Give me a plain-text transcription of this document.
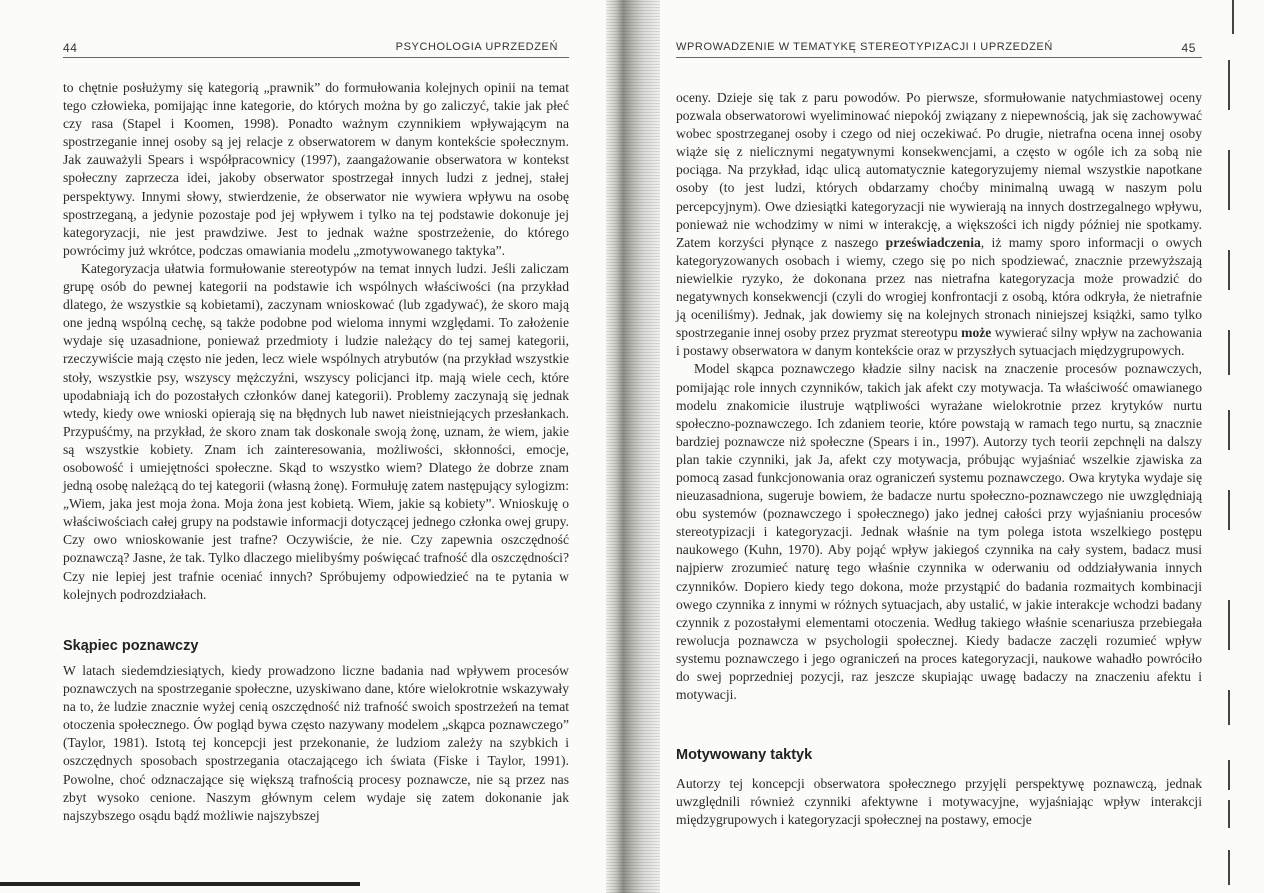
44	PSYCHOLOGIA UPRZEDZEŃ

to chętnie posłużymy się kategorią „prawnik” do formułowania kolejnych opinii na temat tego człowieka, pomijając inne kategorie, do których można by go zaliczyć, takie jak płeć czy rasa (Stapel i Koomen, 1998). Ponadto ważnym czynnikiem wpływającym na spostrzeganie innej osoby są jej relacje z obserwatorem w danym kontekście społecznym. Jak zauważyli Spears i współpracownicy (1997), zaangażowanie obserwatora w kontekst społeczny zaprzecza idei, jakoby obserwator spostrzegał innych ludzi z jednej, stałej perspektywy. Innymi słowy, stwierdzenie, że obserwator nie wywiera wpływu na osobę spostrzeganą, a jedynie pozostaje pod jej wpływem i tylko na tej podstawie dokonuje jej kategoryzacji, nie jest prawdziwe. Jest to jednak ważne spostrzeżenie, do którego powrócimy już wkrótce, podczas omawiania modelu „zmotywowanego taktyka”.

Kategoryzacja ułatwia formułowanie stereotypów na temat innych ludzi. Jeśli zaliczam grupę osób do pewnej kategorii na podstawie ich wspólnych właściwości (na przykład dlatego, że wszystkie są kobietami), zaczynam wnioskować (lub zgadywać), że skoro mają one jedną wspólną cechę, są także podobne pod wieloma innymi względami. To założenie wydaje się uzasadnione, ponieważ przedmioty i ludzie należący do tej samej kategorii, rzeczywiście mają często nie jeden, lecz wiele wspólnych atrybutów (na przykład wszystkie stoły, wszystkie psy, wszyscy mężczyźni, wszyscy policjanci itp. mają wiele cech, które upodabniają ich do pozostałych członków danej kategorii). Problemy zaczynają się jednak wtedy, kiedy owe wnioski opierają się na błędnych lub nawet nieistniejących przesłankach. Przypuśćmy, na przykład, że skoro znam tak doskonale swoją żonę, uznam, że wiem, jakie są wszystkie kobiety. Znam ich zainteresowania, możliwości, skłonności, emocje, osobowość i umiejętności społeczne. Skąd to wszystko wiem? Dlatego że dobrze znam jedną osobę należącą do tej kategorii (własną żonę). Formułuję zatem następujący sylogizm: „Wiem, jaka jest moja żona. Moja żona jest kobietą. Wiem, jakie są kobiety”. Wnioskuję o właściwościach całej grupy na podstawie informacji dotyczącej jednego członka owej grupy. Czy owo wnioskowanie jest trafne? Oczywiście, że nie. Czy zapewnia oszczędność poznawczą? Jasne, że tak. Tylko dlaczego mielibyśmy poświęcać trafność dla oszczędności? Czy nie lepiej jest trafnie oceniać innych? Spróbujemy odpowiedzieć na te pytania w kolejnych podrozdziałach.

Skąpiec poznawczy

W latach siedemdziesiątych, kiedy prowadzono liczne badania nad wpływem procesów poznawczych na spostrzeganie społeczne, uzyskiwano dane, które wielokrotnie wskazywały na to, że ludzie znacznie wyżej cenią oszczędność niż trafność swoich spostrzeżeń na temat otoczenia społecznego. Ów pogląd bywa często nazywany modelem „skąpca poznawczego” (Taylor, 1981). Istotą tej koncepcji jest przekonanie, że ludziom zależy na szybkich i oszczędnych sposobach spostrzegania otaczającego ich świata (Fiske i Taylor, 1991). Powolne, choć odznaczające się większą trafnością procesy poznawcze, nie są przez nas zbyt wysoko cenione. Naszym głównym celem wydaje się zatem dokonanie jak najszybszego osądu bądź możliwie najszybszej

WPROWADZENIE W TEMATYKĘ STEREOTYPIZACJI I UPRZEDZEŃ	45

oceny. Dzieje się tak z paru powodów. Po pierwsze, sformułowanie natychmiastowej oceny pozwala obserwatorowi wyeliminować niepokój związany z niepewnością, jak się zachowywać wobec spostrzeganej osoby i czego od niej oczekiwać. Po drugie, nietrafna ocena innej osoby wiąże się z nielicznymi negatywnymi konsekwencjami, a często w ogóle ich za sobą nie pociąga. Na przykład, idąc ulicą automatycznie kategoryzujemy niemal wszystkie napotkane osoby (to jest ludzi, których obdarzamy choćby minimalną uwagą w naszym polu percepcyjnym). Owe dziesiątki kategoryzacji nie wywierają na innych dostrzegalnego wpływu, ponieważ nie wchodzimy w nimi w interakcję, a większości ich nigdy później nie spotkamy. Zatem korzyści płynące z naszego przeświadczenia, iż mamy sporo informacji o owych kategoryzowanych osobach i wiemy, czego się po nich spodziewać, znacznie przewyższają niewielkie ryzyko, że dokonana przez nas nietrafna kategoryzacja może prowadzić do negatywnych konsekwencji (czyli do wrogiej konfrontacji z osobą, która odkryła, że nietrafnie ją oceniliśmy). Jednak, jak dowiemy się na kolejnych stronach niniejszej książki, samo tylko spostrzeganie innej osoby przez pryzmat stereotypu może wywierać silny wpływ na zachowania i postawy obserwatora w danym kontekście oraz w przyszłych sytuacjach międzygrupowych.

Model skąpca poznawczego kładzie silny nacisk na znaczenie procesów poznawczych, pomijając role innych czynników, takich jak afekt czy motywacja. Ta właściwość omawianego modelu znakomicie ilustruje wątpliwości wyrażane wielokrotnie przez krytyków nurtu społeczno-poznawczego. Ich zdaniem teorie, które powstają w ramach tego nurtu, są znacznie bardziej poznawcze niż społeczne (Spears i in., 1997). Autorzy tych teorii zepchnęli na dalszy plan takie czynniki, jak Ja, afekt czy motywacja, próbując wyjaśniać wszelkie zjawiska za pomocą zasad funkcjonowania oraz ograniczeń systemu poznawczego. Owa krytyka wydaje się nieuzasadniona, sugeruje bowiem, że badacze nurtu społeczno-poznawczego nie uwzględniają obu systemów (poznawczego i społecznego) jako jednej całości przy wyjaśnianiu procesów stereotypizacji i kategoryzacji. Jednak właśnie na tym polega istota wszelkiego postępu naukowego (Kuhn, 1970). Aby pojąć wpływ jakiegoś czynnika na cały system, badacz musi najpierw zrozumieć naturę tego właśnie czynnika w oderwaniu od oddziaływania innych czynników. Dopiero kiedy tego dokona, może przystąpić do badania rozmaitych kombinacji owego czynnika z innymi w różnych sytuacjach, aby ustalić, w jakie interakcje wchodzi badany czynnik z pozostałymi elementami otoczenia. Według takiego właśnie scenariusza przebiegała rewolucja poznawcza w psychologii społecznej. Kiedy badacze zaczęli rozumieć wpływ systemu poznawczego i jego ograniczeń na proces kategoryzacji, naukowe wahadło powróciło do swej poprzedniej pozycji, raz jeszcze skupiając uwagę badaczy na znaczeniu afektu i motywacji.

Motywowany taktyk

Autorzy tej koncepcji obserwatora społecznego przyjęli perspektywę poznawczą, jednak uwzględnili również czynniki afektywne i motywacyjne, wyjaśniając wpływ interakcji międzygrupowych i kategoryzacji społecznej na postawy, emocje
